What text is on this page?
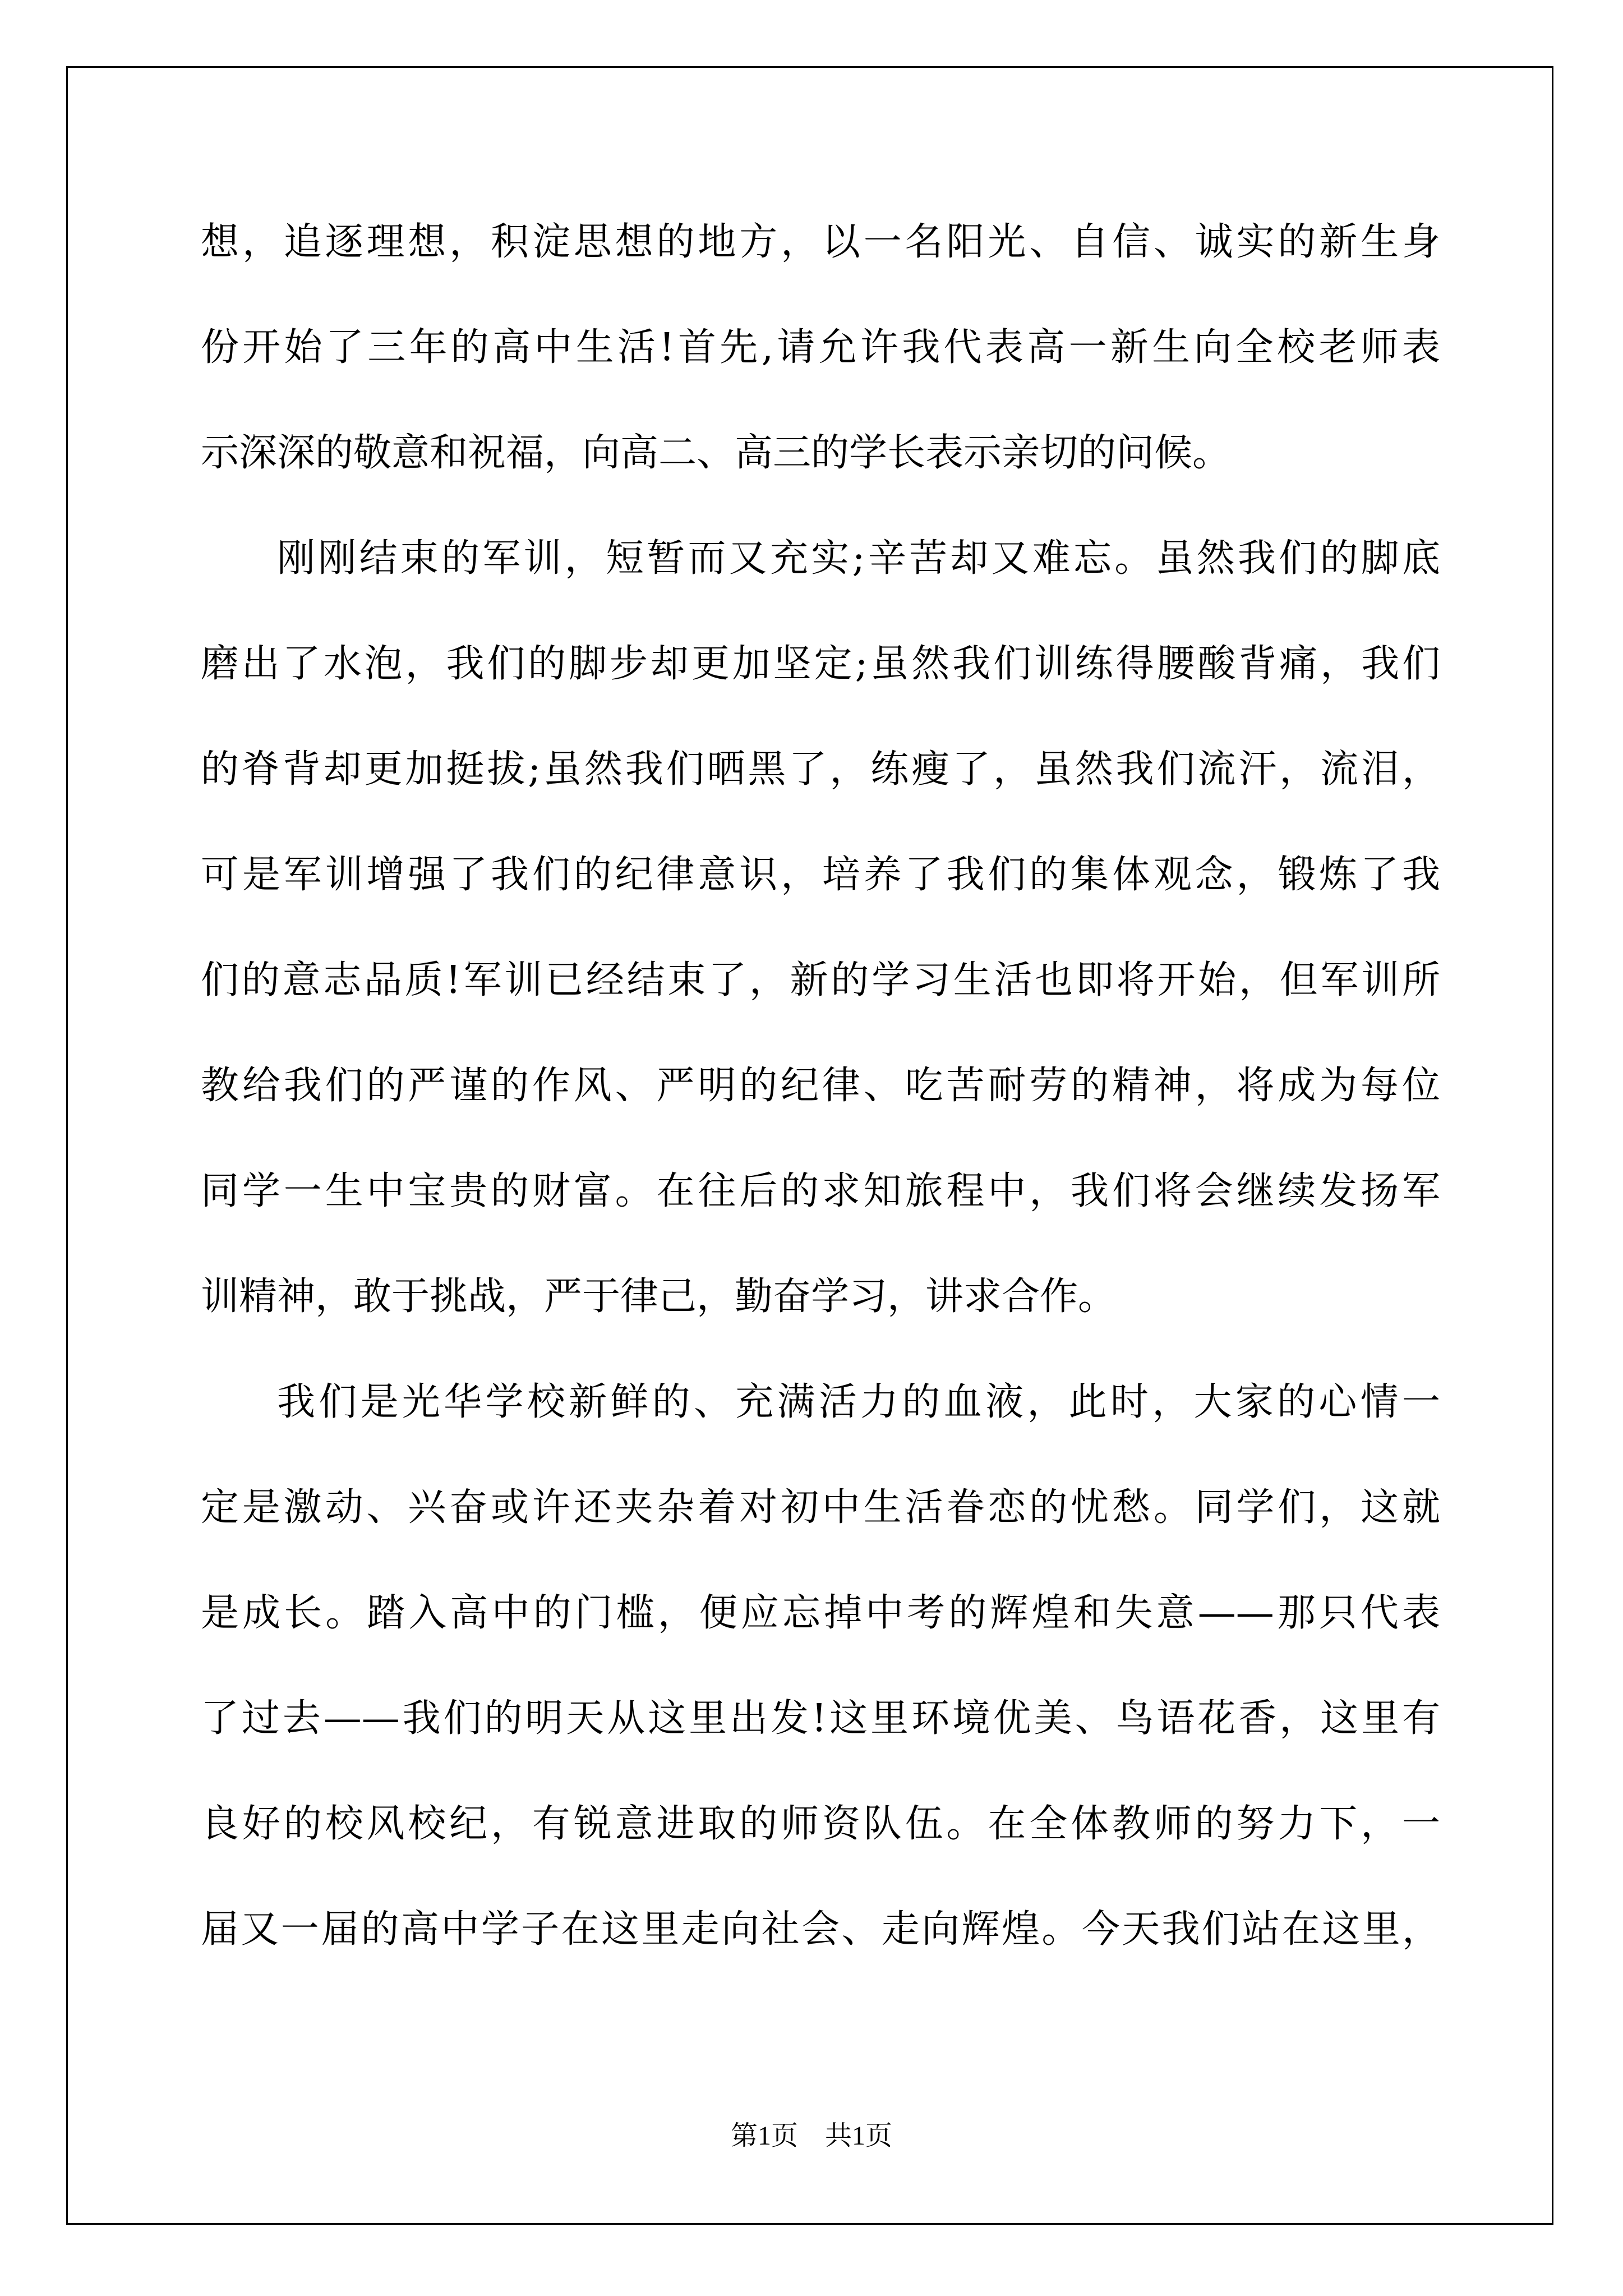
想，追逐理想，积淀思想的地方，以一名阳光、自信、诚实的新生身
份开始了三年的高中生活!首先,请允许我代表高一新生向全校老师表
示深深的敬意和祝福，向高二、高三的学长表示亲切的问候。
刚刚结束的军训，短暂而又充实;辛苦却又难忘。虽然我们的脚底
磨出了水泡，我们的脚步却更加坚定;虽然我们训练得腰酸背痛，我们
的脊背却更加挺拔;虽然我们晒黑了，练瘦了，虽然我们流汗，流泪，
可是军训增强了我们的纪律意识，培养了我们的集体观念，锻炼了我
们的意志品质!军训已经结束了，新的学习生活也即将开始，但军训所
教给我们的严谨的作风、严明的纪律、吃苦耐劳的精神，将成为每位
同学一生中宝贵的财富。在往后的求知旅程中，我们将会继续发扬军
训精神，敢于挑战，严于律己，勤奋学习，讲求合作。
我们是光华学校新鲜的、充满活力的血液，此时，大家的心情一
定是激动、兴奋或许还夹杂着对初中生活眷恋的忧愁。同学们，这就
是成长。踏入高中的门槛，便应忘掉中考的辉煌和失意——那只代表
了过去——我们的明天从这里出发!这里环境优美、鸟语花香，这里有
良好的校风校纪，有锐意进取的师资队伍。在全体教师的努力下，一
届又一届的高中学子在这里走向社会、走向辉煌。今天我们站在这里，
第1页　共1页
